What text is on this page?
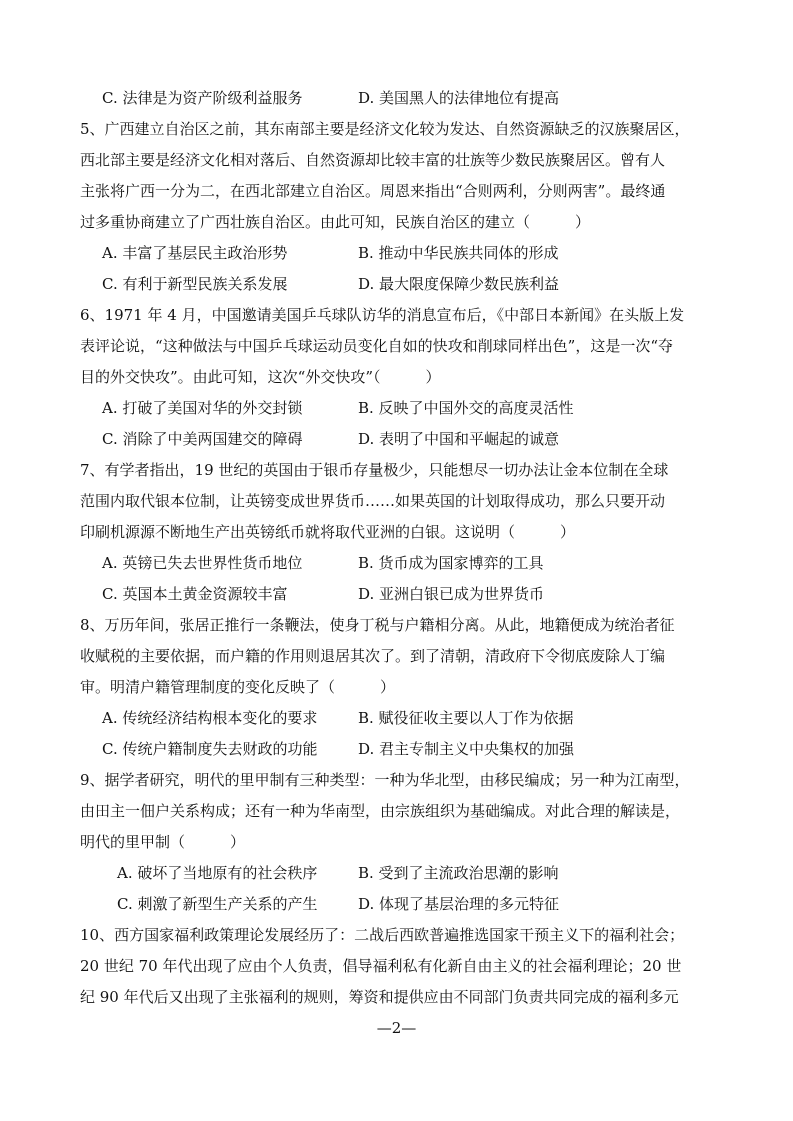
C. 法律是为资产阶级利益服务	D. 美国黑人的法律地位有提高
5、广西建立自治区之前，其东南部主要是经济文化较为发达、自然资源缺乏的汉族聚居区，
西北部主要是经济文化相对落后、自然资源却比较丰富的壮族等少数民族聚居区。曾有人
主张将广西一分为二，在西北部建立自治区。周恩来指出“合则两利，分则两害”。最终通
过多重协商建立了广西壮族自治区。由此可知，民族自治区的建立（　　　）
A. 丰富了基层民主政治形势	B. 推动中华民族共同体的形成
C. 有利于新型民族关系发展	D. 最大限度保障少数民族利益
6、1971 年 4 月，中国邀请美国乒乓球队访华的消息宣布后，《中部日本新闻》在头版上发
表评论说，“这种做法与中国乒乓球运动员变化自如的快攻和削球同样出色”，这是一次“夺
目的外交快攻”。由此可知，这次“外交快攻”（　　　）
A. 打破了美国对华的外交封锁	B. 反映了中国外交的高度灵活性
C. 消除了中美两国建交的障碍	D. 表明了中国和平崛起的诚意
7、有学者指出，19 世纪的英国由于银币存量极少，只能想尽一切办法让金本位制在全球
范围内取代银本位制，让英镑变成世界货币……如果英国的计划取得成功，那么只要开动
印刷机源源不断地生产出英镑纸币就将取代亚洲的白银。这说明（　　　）
A. 英镑已失去世界性货币地位	B. 货币成为国家博弈的工具
C. 英国本土黄金资源较丰富	D. 亚洲白银已成为世界货币
8、万历年间，张居正推行一条鞭法，使身丁税与户籍相分离。从此，地籍便成为统治者征
收赋税的主要依据，而户籍的作用则退居其次了。到了清朝，清政府下令彻底废除人丁编
审。明清户籍管理制度的变化反映了（　　　）
A. 传统经济结构根本变化的要求	B. 赋役征收主要以人丁作为依据
C. 传统户籍制度失去财政的功能	D. 君主专制主义中央集权的加强
9、据学者研究，明代的里甲制有三种类型：一种为华北型，由移民编成；另一种为江南型，
由田主一佃户关系构成；还有一种为华南型，由宗族组织为基础编成。对此合理的解读是，
明代的里甲制（　　　）
A. 破坏了当地原有的社会秩序	B. 受到了主流政治思潮的影响
C. 刺激了新型生产关系的产生	D. 体现了基层治理的多元特征
10、西方国家福利政策理论发展经历了：二战后西欧普遍推选国家干预主义下的福利社会；
20 世纪 70 年代出现了应由个人负责，倡导福利私有化新自由主义的社会福利理论；20 世
纪 90 年代后又出现了主张福利的规则，筹资和提供应由不同部门负责共同完成的福利多元
—2—
